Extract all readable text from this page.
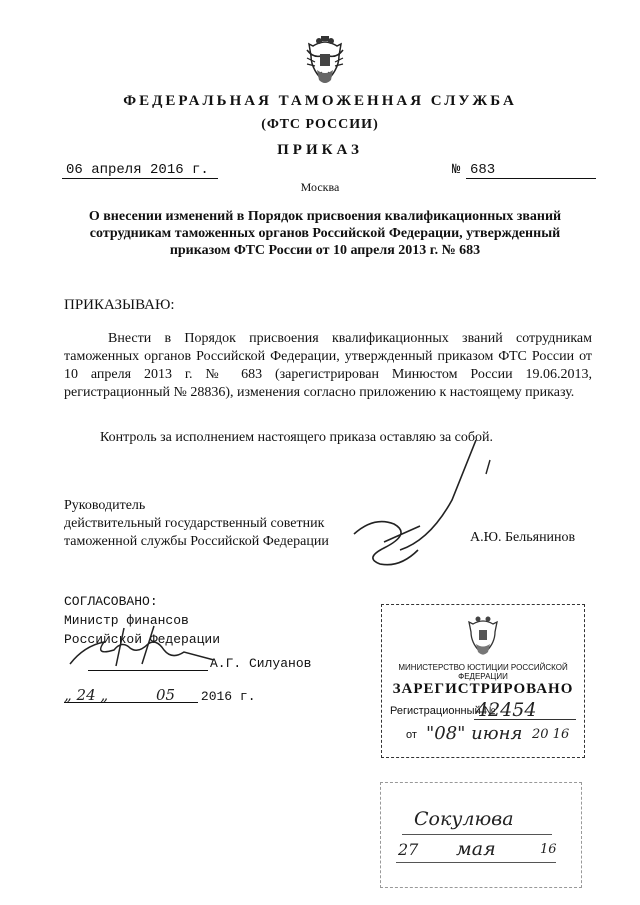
ФЕДЕРАЛЬНАЯ ТАМОЖЕННАЯ СЛУЖБА
(ФТС РОССИИ)
ПРИКАЗ
06 апреля 2016 г.	№ 683
Москва
О внесении изменений в Порядок присвоения квалификационных званий сотрудникам таможенных органов Российской Федерации, утвержденный приказом ФТС России от 10 апреля 2013 г. № 683
ПРИКАЗЫВАЮ:
Внести в Порядок присвоения квалификационных званий сотрудникам таможенных органов Российской Федерации, утвержденный приказом ФТС России от 10 апреля 2013 г. № 683 (зарегистрирован Минюстом России 19.06.2013, регистрационный № 28836), изменения согласно приложению к настоящему приказу.
Контроль за исполнением настоящего приказа оставляю за собой.
Руководитель
действительный государственный советник
таможенной службы Российской Федерации	А.Ю. Бельянинов
СОГЛАСОВАНО:
Министр финансов
Российской Федерации
А.Г. Силуанов
„ 24 „	05 2016 г.
МИНИСТЕРСТВО ЮСТИЦИИ РОССИЙСКОЙ ФЕДЕРАЦИИ
ЗАРЕГИСТРИРОВАНО
Регистрационный №
42454
от "08" июня 20 16
Сокулюва
27 мая	16
